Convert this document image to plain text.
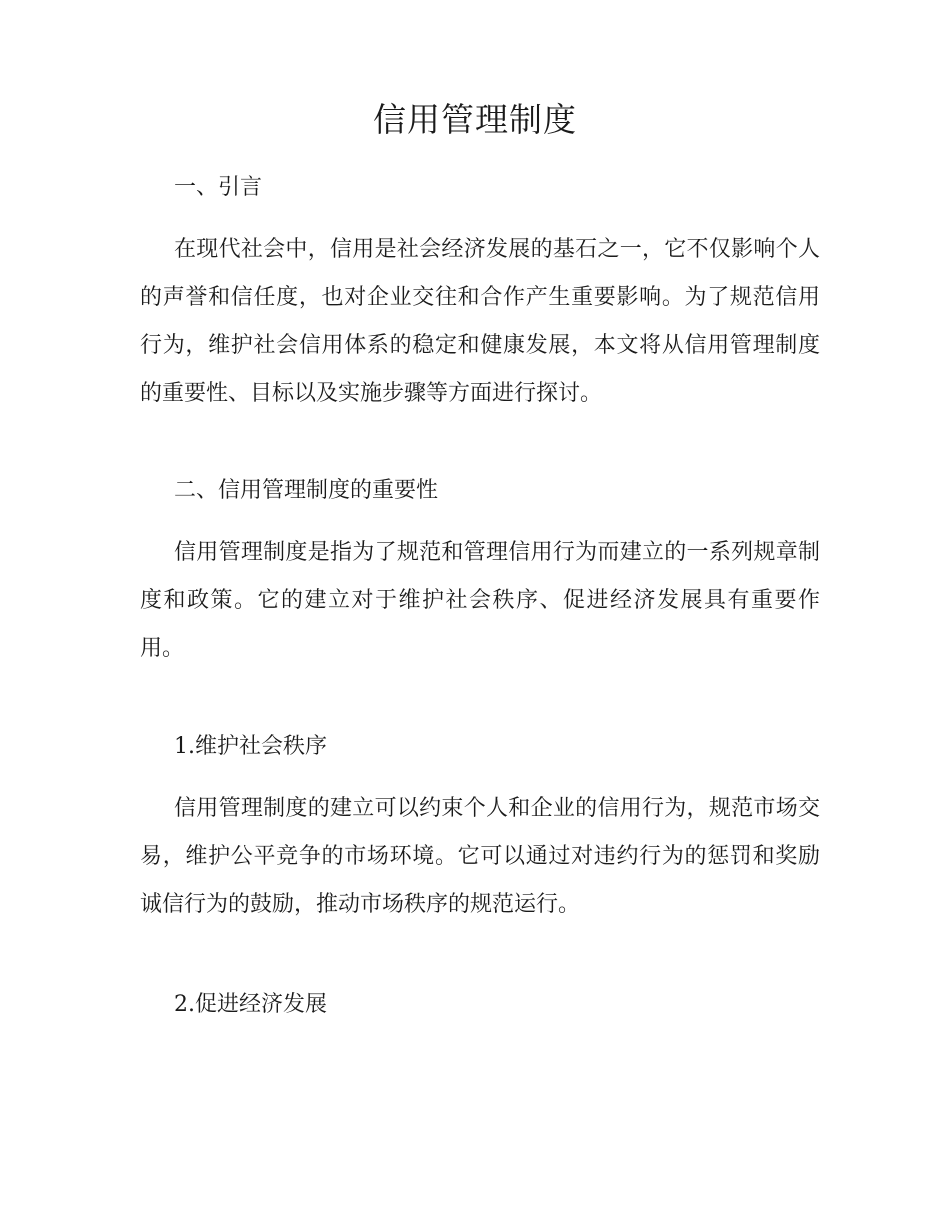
信用管理制度
一、引言
在现代社会中，信用是社会经济发展的基石之一，它不仅影响个人的声誉和信任度，也对企业交往和合作产生重要影响。为了规范信用行为，维护社会信用体系的稳定和健康发展，本文将从信用管理制度的重要性、目标以及实施步骤等方面进行探讨。
二、信用管理制度的重要性
信用管理制度是指为了规范和管理信用行为而建立的一系列规章制度和政策。它的建立对于维护社会秩序、促进经济发展具有重要作用。
1.维护社会秩序
信用管理制度的建立可以约束个人和企业的信用行为，规范市场交易，维护公平竞争的市场环境。它可以通过对违约行为的惩罚和奖励诚信行为的鼓励，推动市场秩序的规范运行。
2.促进经济发展
